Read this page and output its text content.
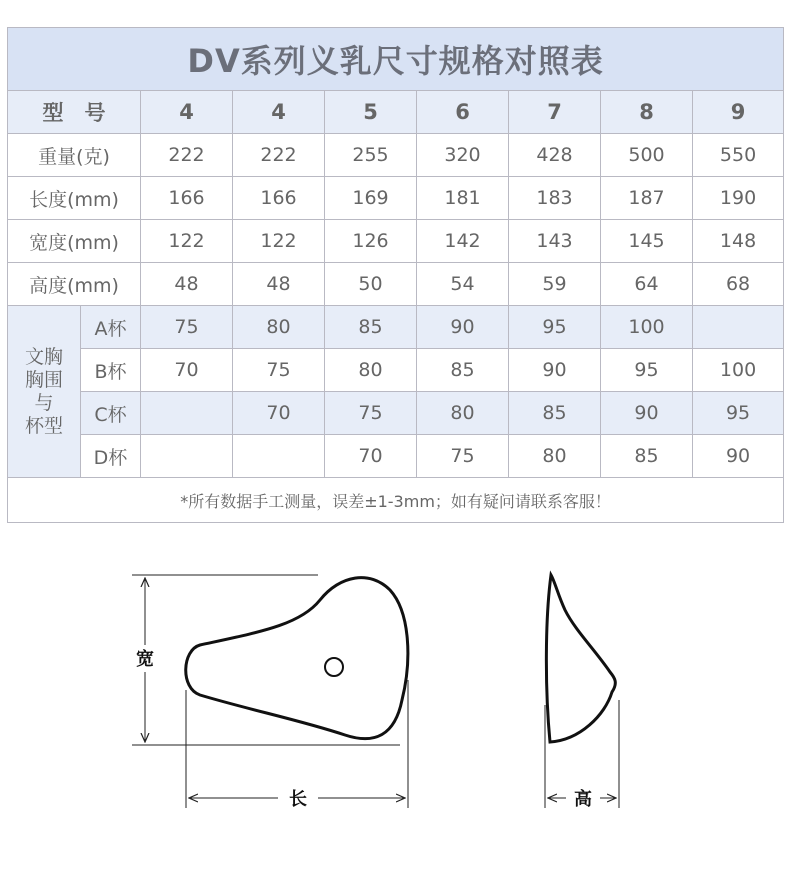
DV系列义乳尺寸规格对照表								
型　号		4	4	5	6	7	8	9
重量(克)		222	222	255	320	428	500	550
长度(mm)		166	166	169	181	183	187	190
宽度(mm)		122	122	126	142	143	145	148
高度(mm)		48	48	50	54	59	64	68

文胸
胸围
与
杯型	A杯	75	80	85	90	95	100	
	B杯	70	75	80	85	90	95	100
	C杯		70	75	80	85	90	95
	D杯			70	75	80	85	90
*所有数据手工测量，误差±1-3mm；如有疑问请联系客服！								
宽
长	高
